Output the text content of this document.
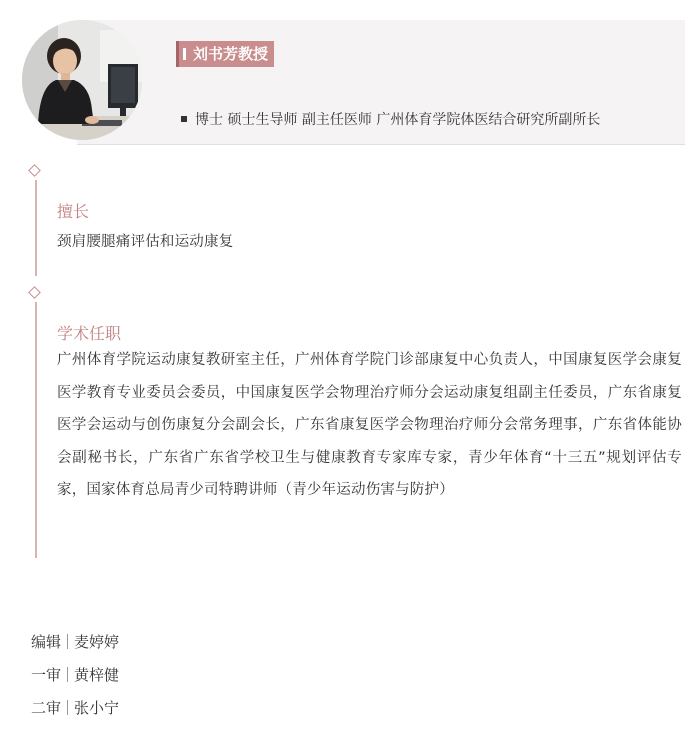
刘书芳教授
博士 硕士生导师 副主任医师 广州体育学院体医结合研究所副所长
擅长
颈肩腰腿痛评估和运动康复
学术任职
广州体育学院运动康复教研室主任，广州体育学院门诊部康复中心负责人，中国康复医学会康复医学教育专业委员会委员，中国康复医学会物理治疗师分会运动康复组副主任委员，广东省康复医学会运动与创伤康复分会副会长，广东省康复医学会物理治疗师分会常务理事，广东省体能协会副秘书长，广东省广东省学校卫生与健康教育专家库专家，青少年体育“十三五”规划评估专家，国家体育总局青少司特聘讲师（青少年运动伤害与防护）
编辑 麦婷婷
一审 黄梓健
二审 张小宁
